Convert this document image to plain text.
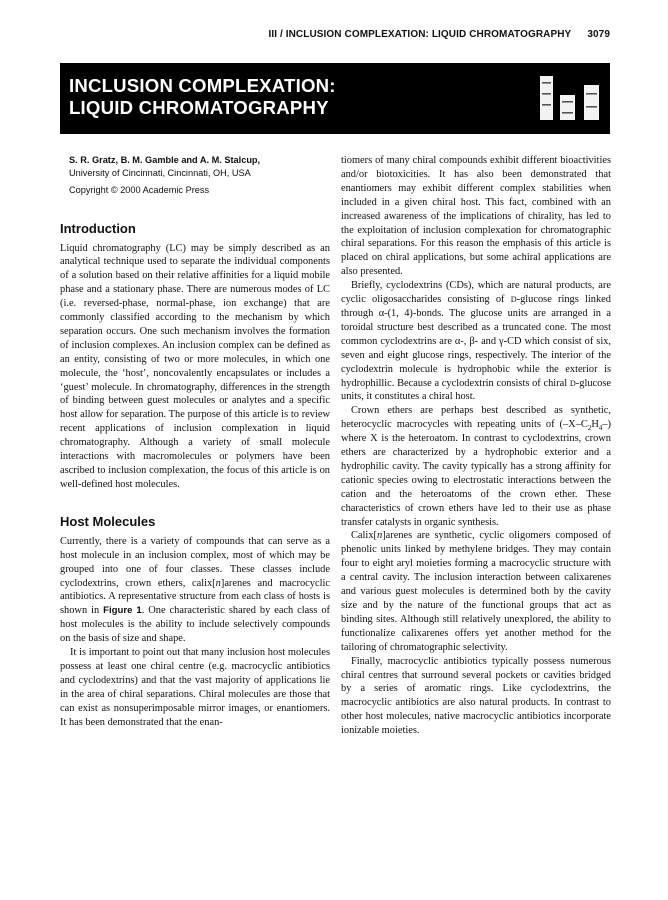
III / INCLUSION COMPLEXATION: LIQUID CHROMATOGRAPHY 3079
INCLUSION COMPLEXATION:
LIQUID CHROMATOGRAPHY
S. R. Gratz, B. M. Gamble and A. M. Stalcup,
University of Cincinnati, Cincinnati, OH, USA
Copyright © 2000 Academic Press
Introduction

Liquid chromatography (LC) may be simply described as an analytical technique used to separate the individual components of a solution based on their relative affinities for a liquid mobile phase and a stationary phase. There are numerous modes of LC (i.e. reversed-phase, normal-phase, ion exchange) that are commonly classified according to the mechanism by which separation occurs. One such mechanism involves the formation of inclusion complexes. An inclusion complex can be defined as an entity, consisting of two or more molecules, in which one molecule, the ‘host’, noncovalently encapsulates or includes a ‘guest’ molecule. In chromatography, differences in the strength of binding between guest molecules or analytes and a specific host allow for separation. The purpose of this article is to review recent applications of inclusion complexation in liquid chromatography. Although a variety of small molecule interactions with macromolecules or polymers have been ascribed to inclusion complexation, the focus of this article is on well-defined host molecules.

Host Molecules

Currently, there is a variety of compounds that can serve as a host molecule in an inclusion complex, most of which may be grouped into one of four classes. These classes include cyclodextrins, crown ethers, calix[n]arenes and macrocyclic antibiotics. A representative structure from each class of hosts is shown in Figure 1. One characteristic shared by each class of host molecules is the ability to include selectively compounds on the basis of size and shape.

It is important to point out that many inclusion host molecules possess at least one chiral centre (e.g. macrocyclic antibiotics and cyclodextrins) and that the vast majority of applications lie in the area of chiral separations. Chiral molecules are those that can exist as nonsuperimposable mirror images, or enantiomers. It has been demonstrated that the enan-

tiomers of many chiral compounds exhibit different bioactivities and/or biotoxicities. It has also been demonstrated that enantiomers may exhibit different complex stabilities when included in a given chiral host. This fact, combined with an increased awareness of the implications of chirality, has led to the exploitation of inclusion complexation for chromatographic chiral separations. For this reason the emphasis of this article is placed on chiral applications, but some achiral applications are also presented.

Briefly, cyclodextrins (CDs), which are natural products, are cyclic oligosaccharides consisting of D-glucose rings linked through α-(1, 4)-bonds. The glucose units are arranged in a toroidal structure best described as a truncated cone. The most common cyclodextrins are α-, β- and γ-CD which consist of six, seven and eight glucose rings, respectively. The interior of the cyclodextrin molecule is hydrophobic while the exterior is hydrophillic. Because a cyclodextrin consists of chiral D-glucose units, it constitutes a chiral host.

Crown ethers are perhaps best described as synthetic, heterocyclic macrocycles with repeating units of $(-X-C_2H_4-)$ where X is the heteroatom. In contrast to cyclodextrins, crown ethers are characterized by a hydrophobic exterior and a hydrophilic cavity. The cavity typically has a strong affinity for cationic species owing to electrostatic interactions between the cation and the heteroatoms of the crown ether. These characteristics of crown ethers have led to their use as phase transfer catalysts in organic synthesis.

Calix[n]arenes are synthetic, cyclic oligomers composed of phenolic units linked by methylene bridges. They may contain four to eight aryl moieties forming a macrocyclic structure with a central cavity. The inclusion interaction between calixarenes and various guest molecules is determined both by the cavity size and by the nature of the functional groups that act as binding sites. Although still relatively unexplored, the ability to functionalize calixarenes offers yet another method for the tailoring of chromatographic selectivity.

Finally, macrocyclic antibiotics typically possess numerous chiral centres that surround several pockets or cavities bridged by a series of aromatic rings. Like cyclodextrins, the macrocyclic antibiotics are also natural products. In contrast to other host molecules, native macrocyclic antibiotics incorporate ionizable moieties.
